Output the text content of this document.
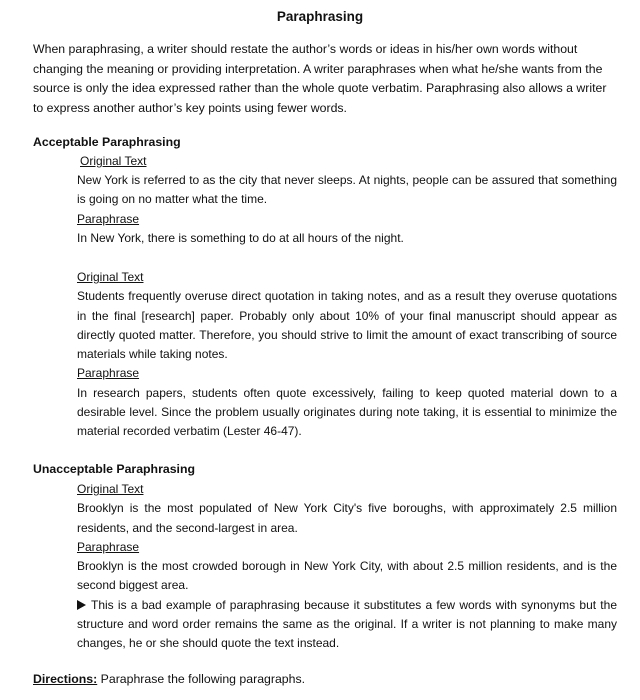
Paraphrasing

When paraphrasing, a writer should restate the author’s words or ideas in his/her own words without changing the meaning or providing interpretation. A writer paraphrases when what he/she wants from the source is only the idea expressed rather than the whole quote verbatim. Paraphrasing also allows a writer to express another author’s key points using fewer words.

Acceptable Paraphrasing
Original Text
New York is referred to as the city that never sleeps. At nights, people can be assured that something is going on no matter what the time.
Paraphrase
In New York, there is something to do at all hours of the night.
Original Text
Students frequently overuse direct quotation in taking notes, and as a result they overuse quotations in the final [research] paper. Probably only about 10% of your final manuscript should appear as directly quoted matter. Therefore, you should strive to limit the amount of exact transcribing of source materials while taking notes.
Paraphrase
In research papers, students often quote excessively, failing to keep quoted material down to a desirable level. Since the problem usually originates during note taking, it is essential to minimize the material recorded verbatim (Lester 46-47).
Unacceptable Paraphrasing
Original Text
Brooklyn is the most populated of New York City's five boroughs, with approximately 2.5 million residents, and the second-largest in area.
Paraphrase
Brooklyn is the most crowded borough in New York City, with about 2.5 million residents, and is the second biggest area.
This is a bad example of paraphrasing because it substitutes a few words with synonyms but the structure and word order remains the same as the original. If a writer is not planning to make many changes, he or she should quote the text instead.
Directions: Paraphrase the following paragraphs.
